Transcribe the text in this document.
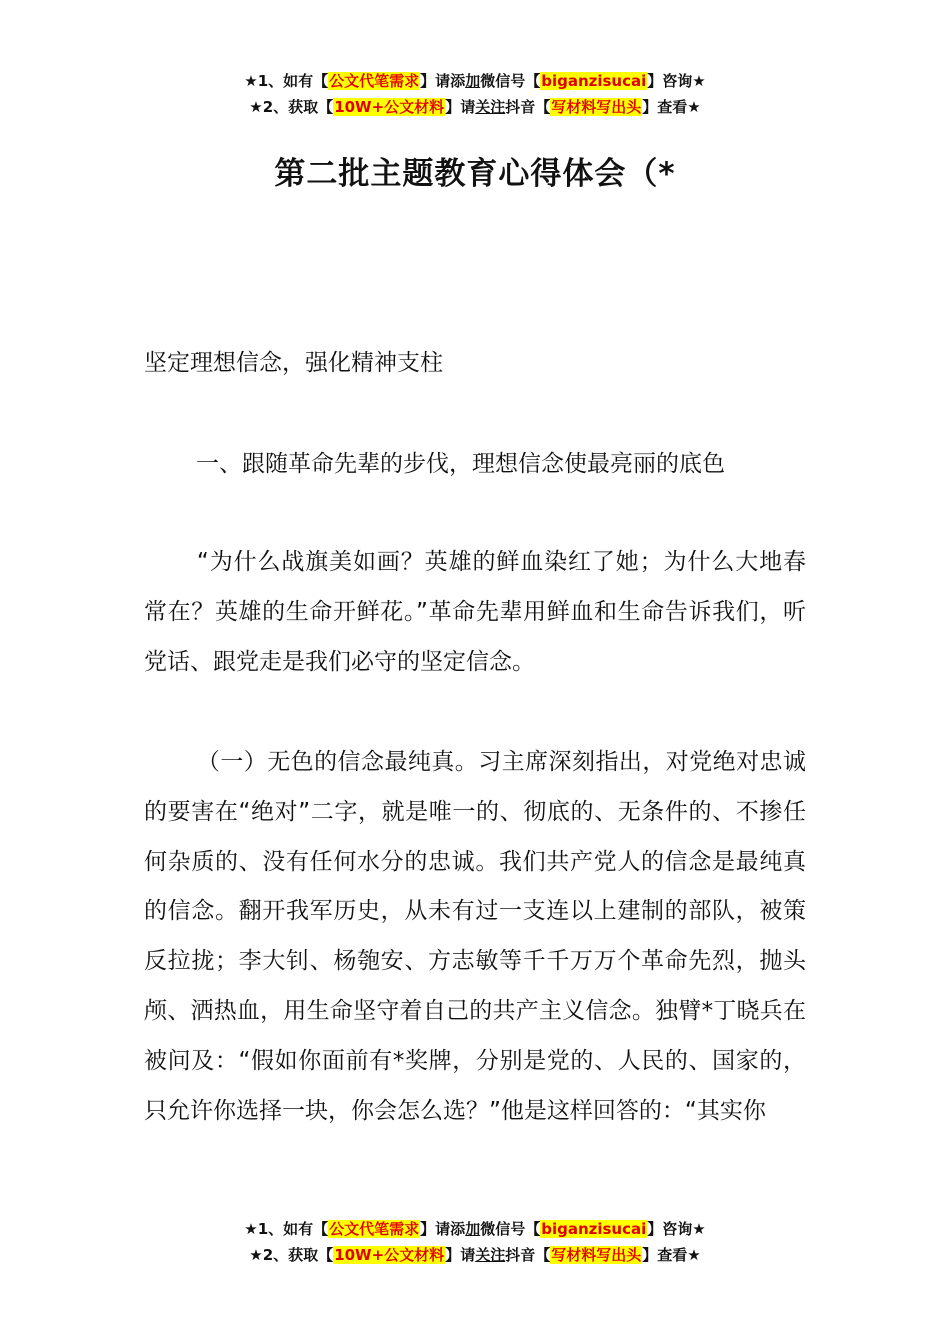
★1、如有【公文代笔需求】请添加微信号【biganzisucai】咨询★
★2、获取【10W+公文材料】请关注抖音【写材料写出头】查看★
第二批主题教育心得体会（*
坚定理想信念，强化精神支柱
一、跟随革命先辈的步伐，理想信念使最亮丽的底色
“为什么战旗美如画？英雄的鲜血染红了她；为什么大地春常在？英雄的生命开鲜花。”革命先辈用鲜血和生命告诉我们，听党话、跟党走是我们必守的坚定信念。
（一）无色的信念最纯真。习主席深刻指出，对党绝对忠诚的要害在“绝对”二字，就是唯一的、彻底的、无条件的、不掺任何杂质的、没有任何水分的忠诚。我们共产党人的信念是最纯真的信念。翻开我军历史，从未有过一支连以上建制的部队，被策反拉拢；李大钊、杨匏安、方志敏等千千万万个革命先烈，抛头颅、洒热血，用生命坚守着自己的共产主义信念。独臂*丁晓兵在被问及：“假如你面前有*奖牌，分别是党的、人民的、国家的，只允许你选择一块，你会怎么选？”他是这样回答的：“其实你
★1、如有【公文代笔需求】请添加微信号【biganzisucai】咨询★
★2、获取【10W+公文材料】请关注抖音【写材料写出头】查看★
